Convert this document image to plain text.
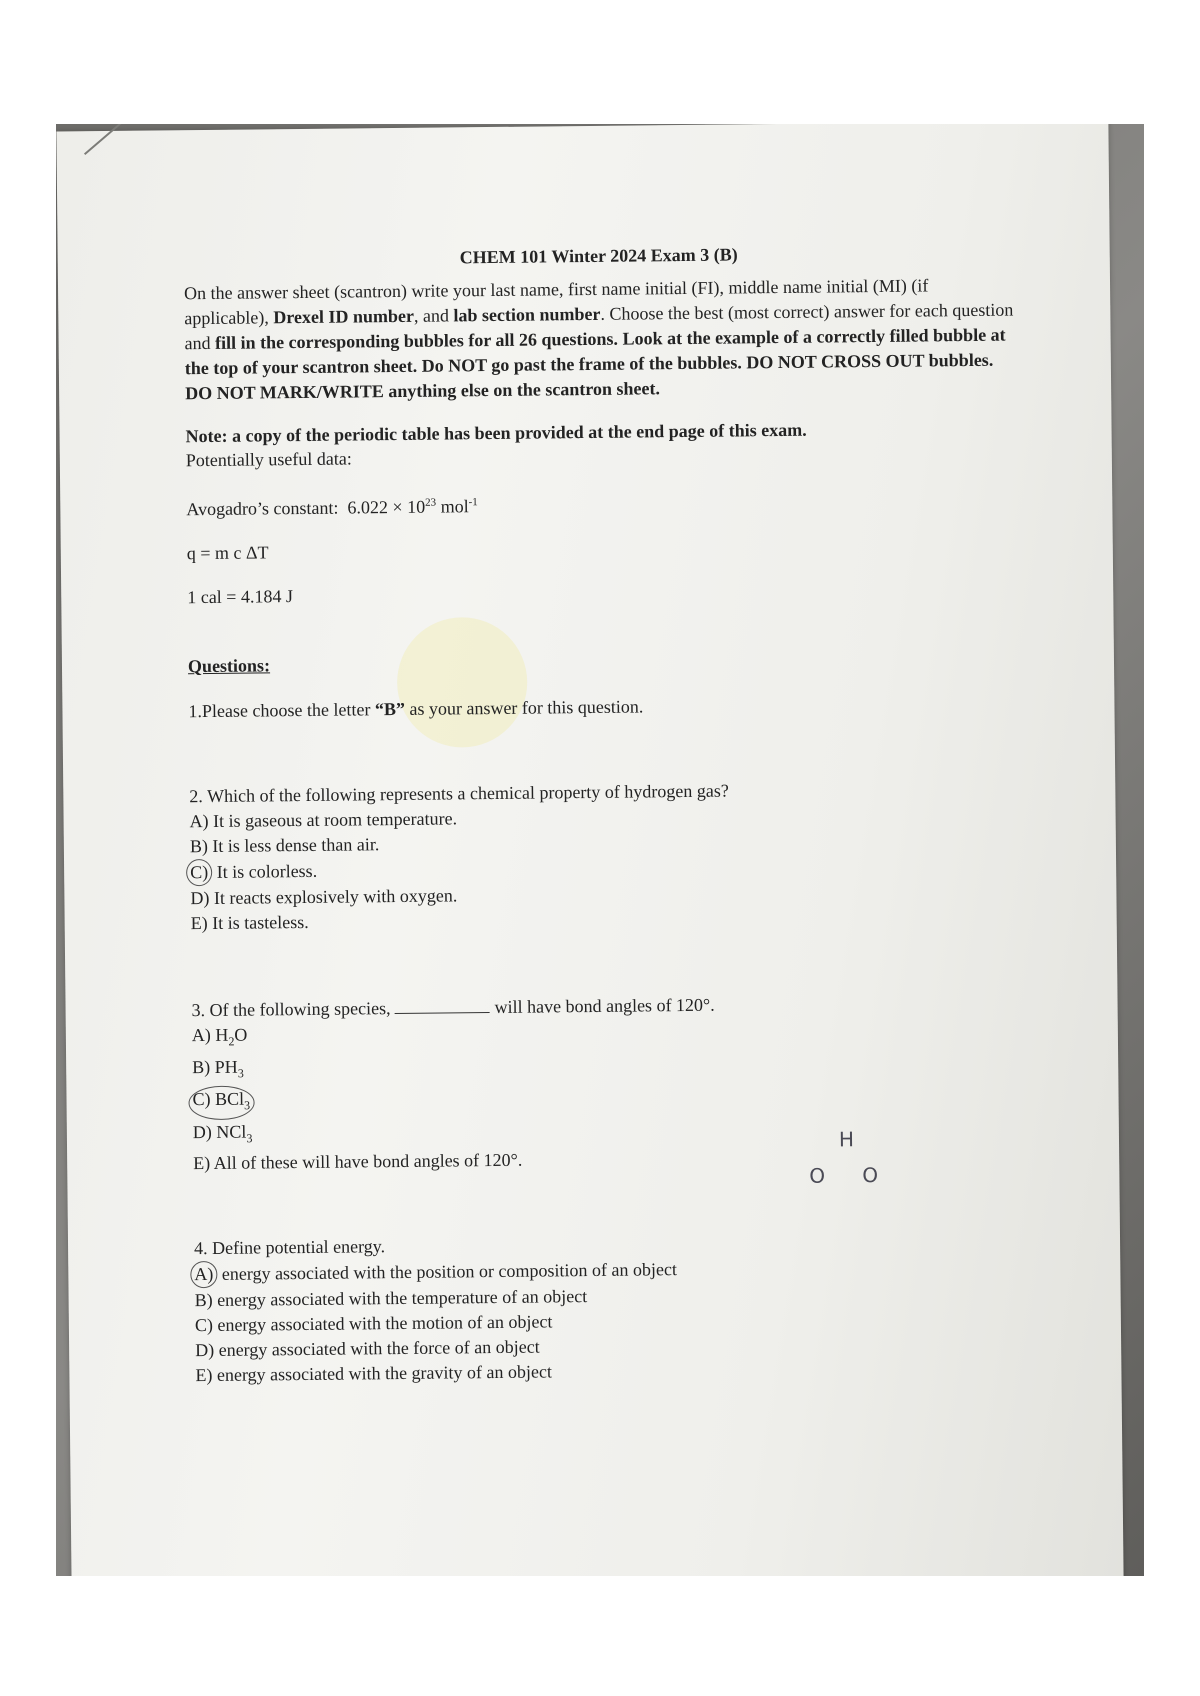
CHEM 101 Winter 2024 Exam 3 (B)

On the answer sheet (scantron) write your last name, first name initial (FI), middle name initial (MI) (if applicable), Drexel ID number, and lab section number. Choose the best (most correct) answer for each question and fill in the corresponding bubbles for all 26 questions. Look at the example of a correctly filled bubble at the top of your scantron sheet. Do NOT go past the frame of the bubbles. DO NOT CROSS OUT bubbles. DO NOT MARK/WRITE anything else on the scantron sheet.

Note: a copy of the periodic table has been provided at the end page of this exam.
Potentially useful data:
Avogadro’s constant: $6.022 \times 10^{23}$ mol$^{-1}$
q = m c ΔT
1 cal = 4.184 J
Questions:
1.Please choose the letter “B” as your answer for this question.
2. Which of the following represents a chemical property of hydrogen gas?
A) It is gaseous at room temperature.
B) It is less dense than air.
C) It is colorless.
D) It reacts explosively with oxygen.
E) It is tasteless.
3. Of the following species,	will have bond angles of 120°.
A) $H_2O$
B) $PH_3$
C) BCl$_3$
D) NCl$_3$
E) All of these will have bond angles of 120°.
4. Define potential energy.
A) energy associated with the position or composition of an object
B) energy associated with the temperature of an object
C) energy associated with the motion of an object
D) energy associated with the force of an object
E) energy associated with the gravity of an object
H
O O
